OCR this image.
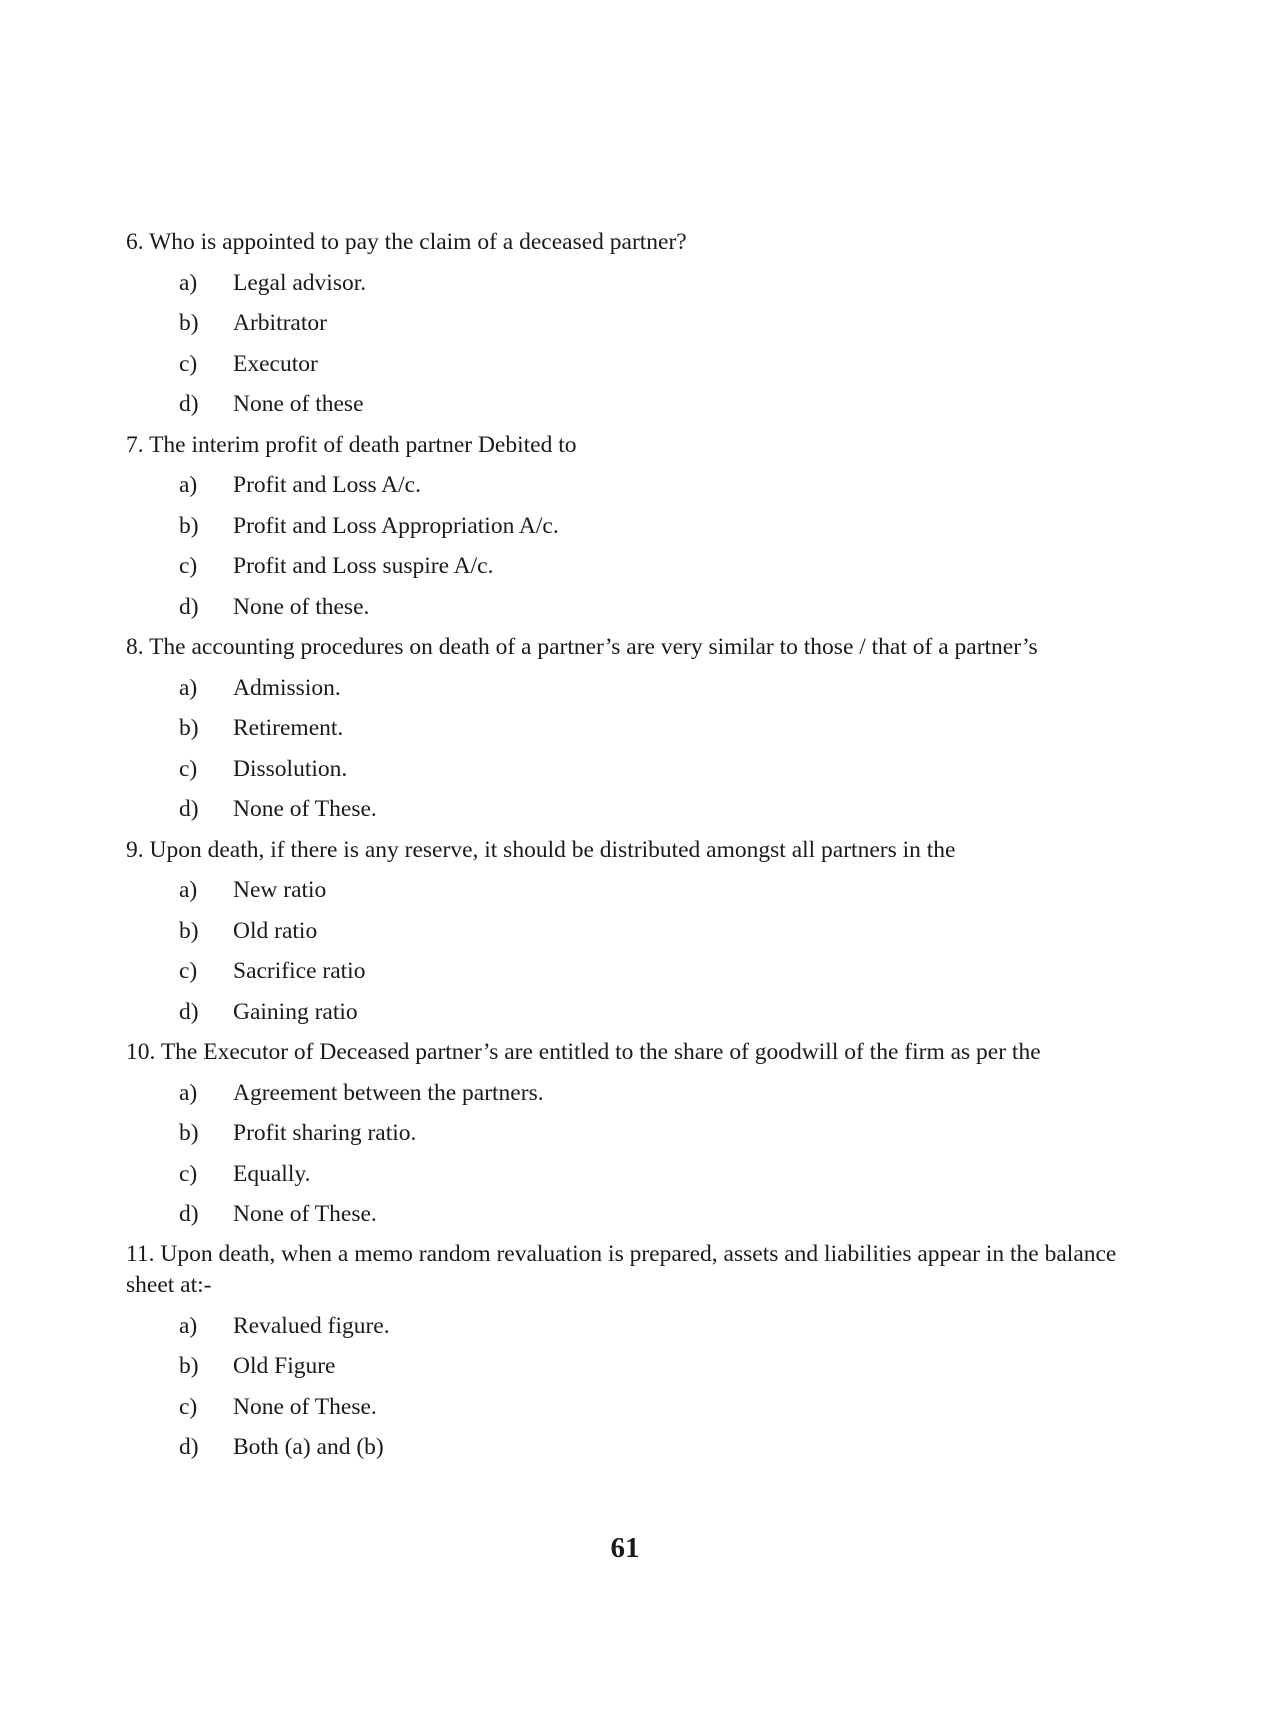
6. Who is appointed to pay the claim of a deceased partner?

a)	Legal advisor.
b)	Arbitrator
c)	Executor
d)	None of these

7. The interim profit of death partner Debited to

a)	Profit and Loss A/c.
b)	Profit and Loss Appropriation A/c.
c)	Profit and Loss suspire A/c.
d)	None of these.

8. The accounting procedures on death of a partner’s are very similar to those / that of a partner’s

a)	Admission.
b)	Retirement.
c)	Dissolution.
d)	None of These.

9. Upon death, if there is any reserve, it should be distributed amongst all partners in the

a)	New ratio
b)	Old ratio
c)	Sacrifice ratio
d)	Gaining ratio

10. The Executor of Deceased partner’s are entitled to the share of goodwill of the firm as per the

a)	Agreement between the partners.
b)	Profit sharing ratio.
c)	Equally.
d)	None of These.

11. Upon death, when a memo random revaluation is prepared, assets and liabilities appear in the balance sheet at:-

a)	Revalued figure.
b)	Old Figure
c)	None of These.
d)	Both (a) and (b)
61
